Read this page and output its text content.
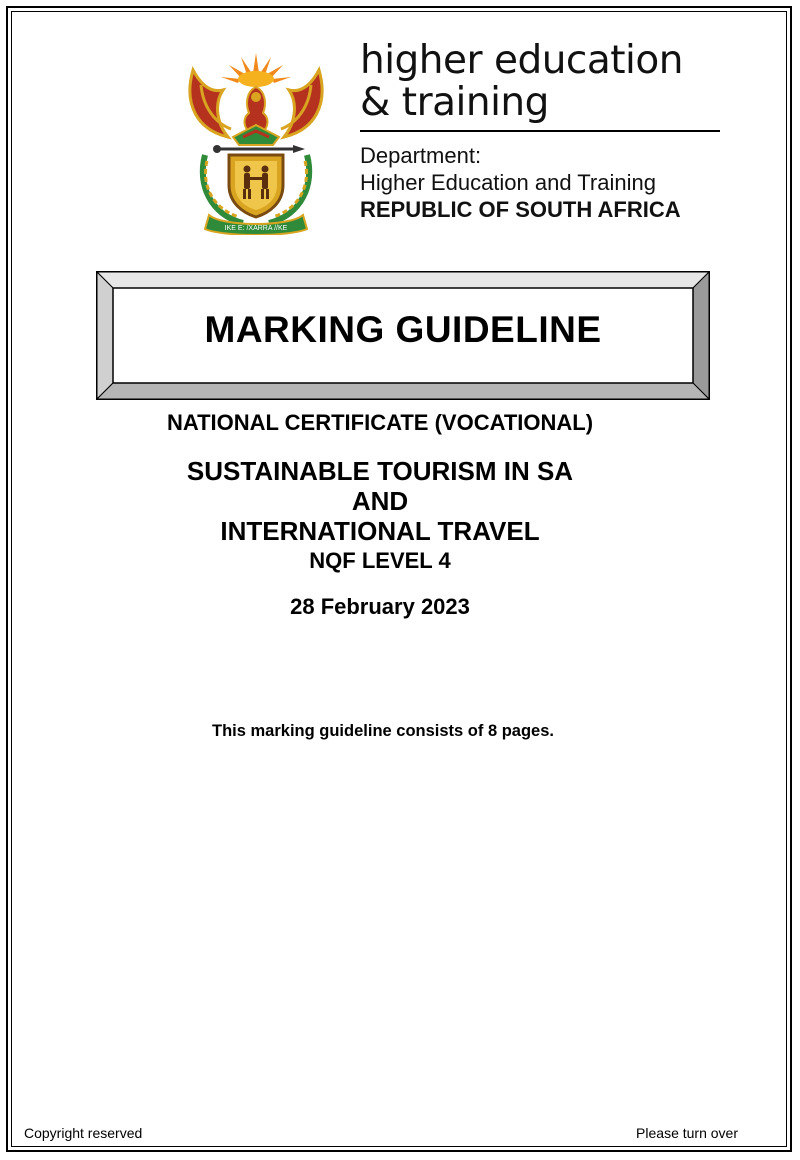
IKE E: /XARRA //KE
higher education
& training
Department:
Higher Education and Training
REPUBLIC OF SOUTH AFRICA
MARKING GUIDELINE
NATIONAL CERTIFICATE (VOCATIONAL)
SUSTAINABLE TOURISM IN SA
AND
INTERNATIONAL TRAVEL
NQF LEVEL 4
28 February 2023
This marking guideline consists of 8 pages.
Copyright reserved	Please turn over
